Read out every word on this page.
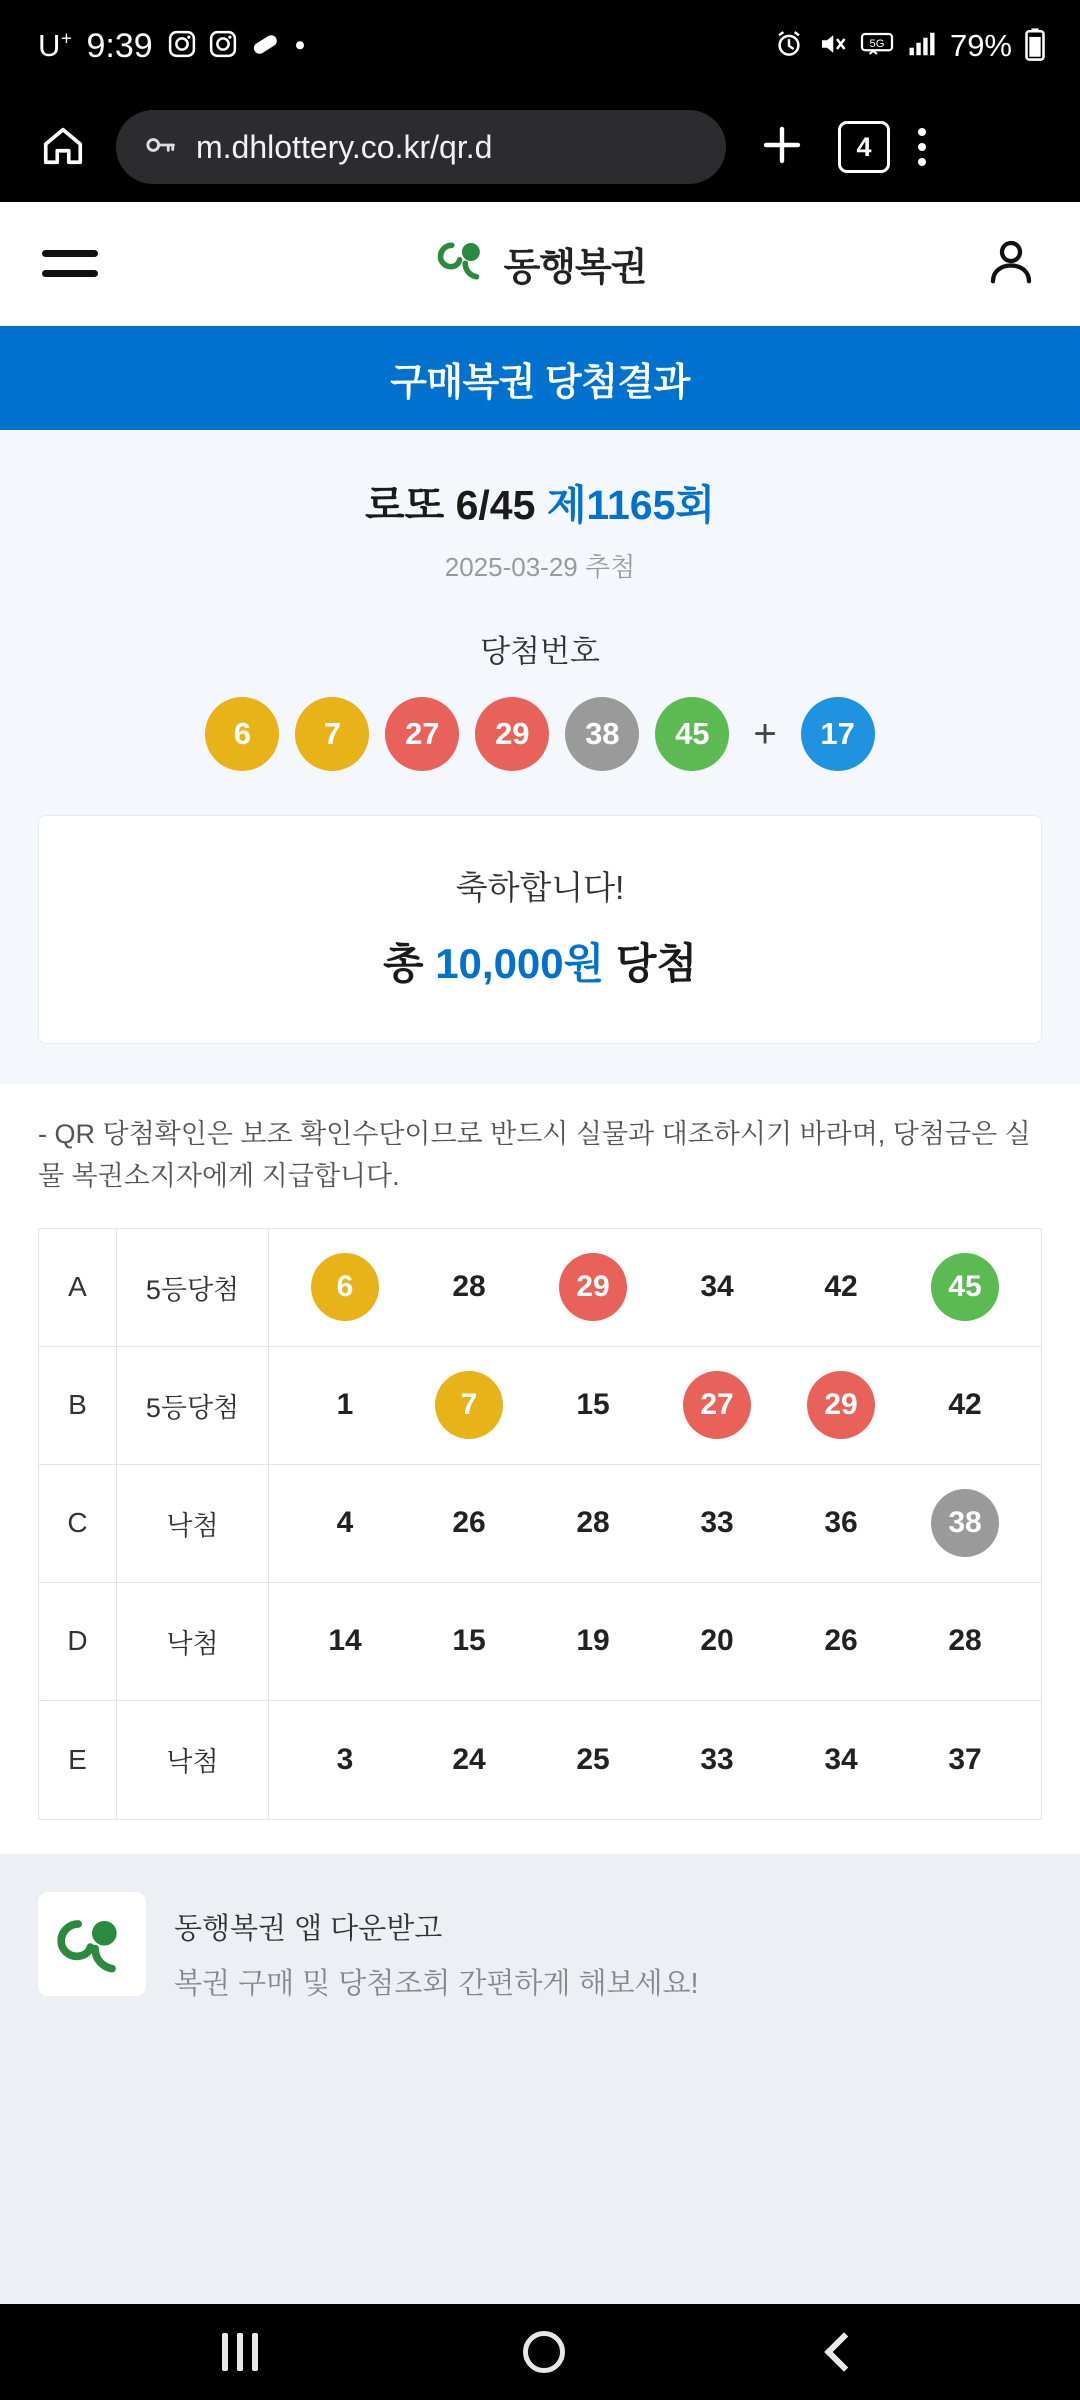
U+ 9:39	5G 79%
m.dhlottery.co.kr/qr.d	4
동행복권
구매복권 당첨결과
로또 6/45 제1165회
2025-03-29 추첨
당첨번호
6 7 27 29 38 45 + 17
축하합니다!
총 10,000원 당첨
- QR 당첨확인은 보조 확인수단이므로 반드시 실물과 대조하시기 바라며, 당첨금은 실물 복권소지자에게 지급합니다.
A	5등당첨	6	28	29	34	42	45
B	5등당첨	1	7	15	27	29	42
C	낙첨	4	26	28	33	36	38
D	낙첨	14	15	19	20	26	28
E	낙첨	3	24	25	33	34	37
동행복권 앱 다운받고
복권 구매 및 당첨조회 간편하게 해보세요!
